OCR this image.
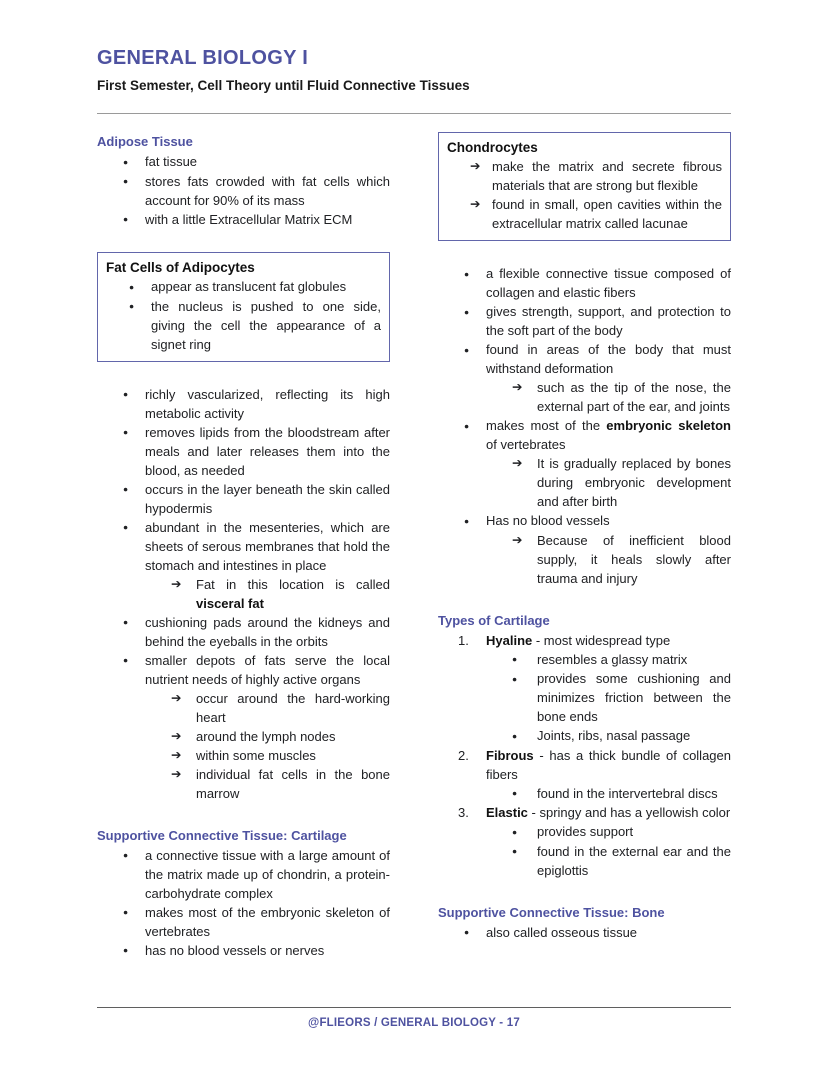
GENERAL BIOLOGY I
First Semester, Cell Theory until Fluid Connective Tissues
Adipose Tissue
●	fat tissue
●	stores fats crowded with fat cells which account for 90% of its mass
●	with a little Extracellular Matrix ECM
Fat Cells of Adipocytes
●	appear as translucent fat globules
●	the nucleus is pushed to one side, giving the cell the appearance of a signet ring
●	richly vascularized, reflecting its high metabolic activity
●	removes lipids from the bloodstream after meals and later releases them into the blood, as needed
●	occurs in the layer beneath the skin called hypodermis
●	abundant in the mesenteries, which are sheets of serous membranes that hold the stomach and intestines in place
➔	Fat in this location is called visceral fat
●	cushioning pads around the kidneys and behind the eyeballs in the orbits
●	smaller depots of fats serve the local nutrient needs of highly active organs
➔	occur around the hard-working heart
➔	around the lymph nodes
➔	within some muscles
➔	individual fat cells in the bone marrow
Supportive Connective Tissue: Cartilage
●	a connective tissue with a large amount of the matrix made up of chondrin, a protein-carbohydrate complex
●	makes most of the embryonic skeleton of vertebrates
●	has no blood vessels or nerves
Chondrocytes
➔ make the matrix and secrete fibrous materials that are strong but flexible
➔ found in small, open cavities within the extracellular matrix called lacunae
●	a flexible connective tissue composed of collagen and elastic fibers
●	gives strength, support, and protection to the soft part of the body
●	found in areas of the body that must withstand deformation
➔	such as the tip of the nose, the external part of the ear, and joints
●	makes most of the embryonic skeleton of vertebrates
➔	It is gradually replaced by bones during embryonic development and after birth
●	Has no blood vessels
➔	Because of inefficient blood supply, it heals slowly after trauma and injury
Types of Cartilage
1.	Hyaline - most widespread type
●	resembles a glassy matrix
●	provides some cushioning and minimizes friction between the bone ends
●	Joints, ribs, nasal passage
2.	Fibrous - has a thick bundle of collagen fibers
●	found in the intervertebral discs
3.	Elastic - springy and has a yellowish color
●	provides support
●	found in the external ear and the epiglottis
Supportive Connective Tissue: Bone
●	also called osseous tissue
@FLIEORS / GENERAL BIOLOGY - 17
